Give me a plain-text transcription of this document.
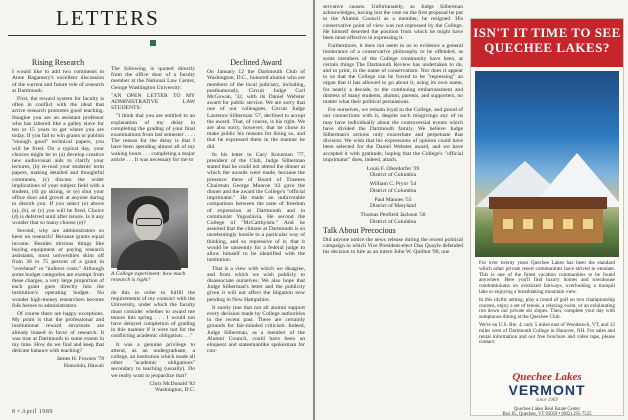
LETTERS
Rising Research

I would like to add two comments to Anne Bagamery's excellent discussion of the current and future role of research at Dartmouth.

First, the reward system for faculty is often in conflict with the ideal that active research promotes good teaching. Imagine you are an assistant professor who has labored like a galley slave for ten or 15 years to get where you are today. If you fail to win grants or publish "enough good" technical papers, you will be fired. On a typical day, your choices might be to (a) develop creative new audiovisual aids to clarify your lectures, (b) re-read your students' term papers, making detailed and thoughtful comments, (c) discuss the wider implications of your subject field with a student, (d) go skiing, or (e) shut your office door and grovel at anyone daring to disturb you. If you select (e) above (a), (b), or (c) you will be fired. Choice (d) is deferred until after tenure. Is it any wonder that so many choose (e)?

Second, why are administrators so keen on research? Because grants equal income. Besides obvious things like buying equipment or paying research assistants, most universities skim off from 30 to 75 percent of a grant in "overhead" or "indirect costs." Although some budget categories are exempt from these charges, a very large proportion of each grant goes directly into the institution's operating budget. No wonder high-money researchers become folk heroes to administrators.

Of course there are happy exceptions. My point is that the professional and institutional reward structures are already biased in favor of research. It was true at Dartmouth to some extent in my time. How do we find and keep that delicate balance with teaching?

James H. Fownes '78
Honolulu, Hawaii

The following is quoted directly from the office door of a faculty member at the National Law Center, George Washington University:

"AN OPEN LETTER TO MY ADMINISTRATIVE LAW STUDENTS:

"I think that you are entitled to an explanation of my delay in completing the grading of your final examinations from last semester . . . . The reason for the delay is that I have been spending almost all of my waking hours . . . completing a major article . . . It was necessary for me to

A College experiment: how much research is right?

do this in order to fulfill the requirements of my contract with the University, under which the faculty must consider whether to award me tenure this spring . . . I would not have delayed completion of grading in this manner if it were not for the conflicting academic obligation. . . "

It was a genuine privilege to attend, as an undergraduate, a college, an institution which made all other "academic obligations" secondary to teaching (usually). Do we really want to jeopardize that?

Chris McDonald '82
Washington, D.C.

Declined Award

On January 12 the Dartmouth Club of Washington, D.C., honored alumni who are members of the local judiciary, including, posthumously, Circuit Judge Carl McGowan, '32, with its Daniel Webster award for public service. We are sorry that one of our colleagues, Circuit Judge Laurence Silberman '57, declined to accept the award. That, of course, is his right. We are also sorry, however, that he chose to make public his reasons for doing so, and that he expressed them in the manner he did.

In his letter to Gary Konzman '77, president of the Club, Judge Silberman stated that he could not attend the dinner at which the awards were made, because the presence there of Board of Trustees Chairman George Munroe '43 gave the dinner and the award the College's "official imprimatur." He made an unfavorable comparison between the state of freedom of expression at Dartmouth and in communist Yugoslavia. He second the College of "McCarthyism." And he asserted that the climate at Dartmouth is so unrelentingly hostile to a particular way of thinking, and so repressive of it, that it would be unseemly for a federal judge to allow himself to be identified with the institution.

That is a view with which we disagree, and from which we wish publicly to disassociate ourselves. We also hope that Judge Silberman's letter and the publicity given it will not affect the litigation now pending in New Hampshire.

It surely true that not all alumni support every decision made by College authorities in the recent past. There are certainly grounds for fair-minded criticism. Indeed, Judge Silberman, as a member of the Alumni Council, could have been an eloquent and statesmanlike spokesman for con-

8 • April 1989

servative causes. Unfortunately, as Judge Silberman acknowledges, having lost the vote on the first proposal he put to the Alumni Council as a member, he resigned. His conservative point of view was not repressed by the College. He himself deserted the position from which he might have been most effective in expressing it.

Furthermore, it does not seem to us to evidence a general intolerance of a conservative philosophy to be offended, as some members of the College community have been, at certain things The Dartmouth Review has undertaken to do, and to print, in the name of conservatism. Nor does it appear to us that the College can be forced to be "repressing" an organ that it has allowed to go about it, using its own name, for nearly a decade, to the continuing embarrassment and distress of many students, alumni, parents, and supporters, no matter what their political persuasions.

For ourselves, we remain loyal to the College, and proud of our connections with it, despite such misgivings any of us may have individually about the controversial events which have divided the Dartmouth family. We believe Judge Silberman's actions only exacerbate and perpetuate that division. We wish that his expressions of opinion could have been selected for the Daniel Webster award, and we have accepted it with gratitude, hoping that the College's "official imprimatur" does, indeed, attach.

Louis F. Oberdorfer '39
District of Columbia
William C. Pryor '54
District of Columbia
Paul Mannes '55
District of Maryland
Thomas Penfield Jackson '58
District of Columbia
Talk About Precocious

Did anyone notice the news release during the recent political campaign in which Vice President-elect Dan Quayle defended his decision to hire as an intern John W. Quilhot '90, one

ISN'T IT TIME TO SEE
QUECHEE LAKES?

For over twenty years Quechee Lakes has been the standard which other private resort communities have strived to emulate. This is one of the finest vacation communities to be found anywhere. Here you'll find luxury homes and townhouse condominiums on oversized fairways, overlooking a tranquil lake or enjoying a breathtaking mountain view.

In this idyllic setting, play a round of golf on two championship courses, enjoy a set of tennis, a relaxing swim, or an exhilarating run down our private ski slopes. Then, complete your day with sumptuous dining at the Quechee Club.

We're on U.S. Rte. 4, only 5 miles east of Woodstock, VT, and 12 miles west of Dartmouth College in Hanover, NH. For sales and rental information and our free brochure and video tape, please contact:

Quechee Lakes
VERMONT
since 1969
Quechee Lakes Real Estate Center
Box 85, Quechee, VT 05059 • (802) 295-7525
